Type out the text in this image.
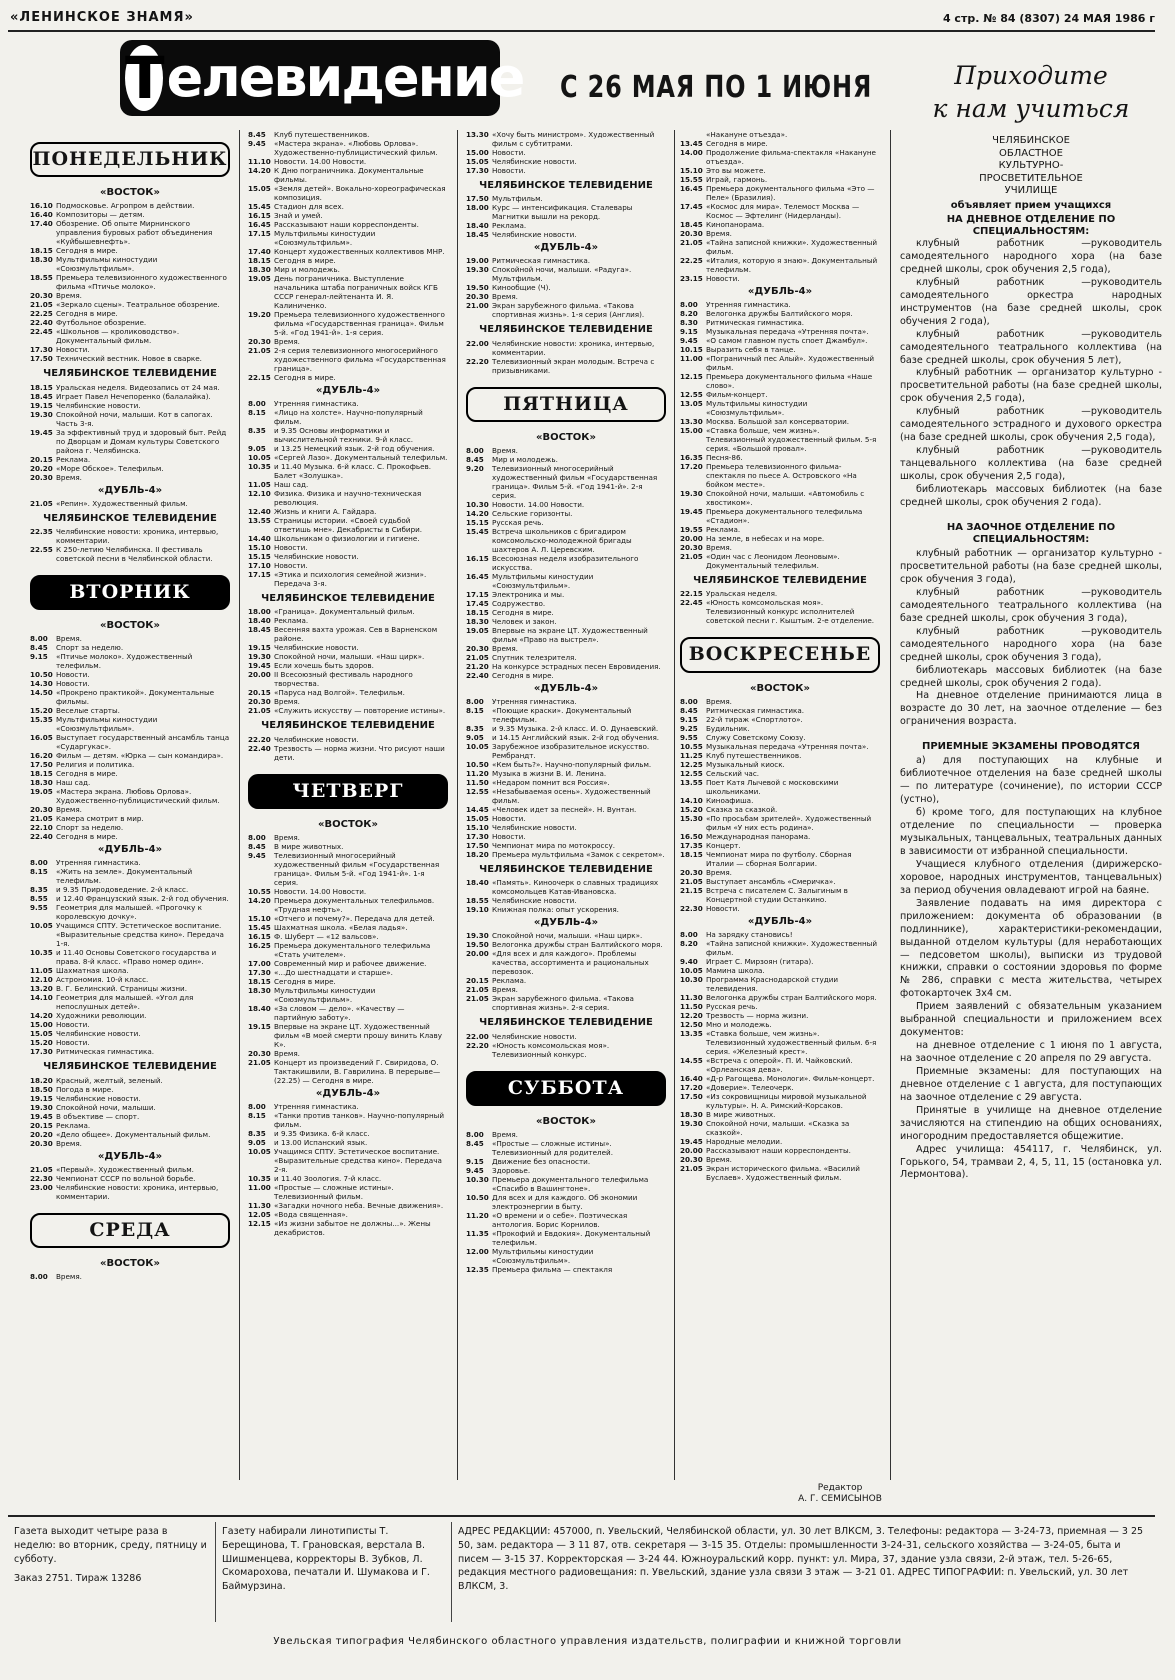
«ЛЕНИНСКОЕ ЗНАМЯ»	4 стр. № 84 (8307) 24 МАЯ 1986 г
Т елевидение С 26 МАЯ ПО 1 ИЮНЯ
ПОНЕДЕЛЬНИК
«ВОСТОК»
16.10 Подмосковье. Агропром в действии.
16.40 Композиторы — детям.
17.40 Обозрение. Об опыте Мирнинского управления буровых работ объединения «Куйбышевнефть».
18.15 Сегодня в мире.
18.30 Мультфильмы киностудии «Союзмультфильм».
18.55 Премьера телевизионного художественного фильма «Птичье молоко».
20.30 Время.
21.05 «Зеркало сцены». Театральное обозрение.
22.25 Сегодня в мире.
22.40 Футбольное обозрение.
22.45 «Школьнов — кролиководство». Документальный фильм.
17.30 Новости.
17.50 Технический вестник. Новое в сварке.
ЧЕЛЯБИНСКОЕ ТЕЛЕВИДЕНИЕ
18.15 Уральская неделя. Видеозапись от 24 мая.
18.45 Играет Павел Нечепоренко (балалайка).
19.15 Челябинские новости.
19.30 Спокойной ночи, малыши. Кот в сапогах. Часть 3-я.
19.45 За эффективный труд и здоровый быт. Рейд по Дворцам и Домам культуры Советского района г. Челябинска.
20.15 Реклама.
20.20 «Море Обское». Телефильм.
20.30 Время.
«ДУБЛЬ-4»
21.05 «Репин». Художественный фильм.
ЧЕЛЯБИНСКОЕ ТЕЛЕВИДЕНИЕ
22.35 Челябинские новости: хроника, интервью, комментарии.
22.55 К 250-летию Челябинска. II фестиваль советской песни в Челябинской области.
ВТОРНИК
«ВОСТОК»
8.00	Время.
8.45	Спорт за неделю.
9.15	«Птичье молоко». Художественный телефильм.
10.50 Новости.
14.30 Новости.
14.50 «Прокрено практикой». Документальные фильмы.
15.20 Веселые старты.
15.35 Мультфильмы киностудии «Союзмультфильм».
16.05 Выступает государственный ансамбль танца «Сударгукас».
16.20 Фильм — детям. «Юрка — сын командира».
17.50 Религия и политика.
18.15 Сегодня в мире.
18.30 Наш сад.
19.05 «Мастера экрана. Любовь Орлова». Художественно-публицистический фильм.
20.30 Время.
21.05 Камера смотрит в мир.
22.10 Спорт за неделю.
22.40 Сегодня в мире.
«ДУБЛЬ-4»
8.00	Утренняя гимнастика.
8.15	«Жить на земле». Документальный телефильм.
8.35	и 9.35 Природоведение. 2-й класс.
8.55	и 12.40 Французский язык. 2-й год обучения.
9.55	Геометрия для малышей. «Прогочку к королевскую дочку».
10.05 Учащимся СПТУ. Эстетическое воспитание. «Выразительные средства кино». Передача 1-я.
10.35 и 11.40 Основы Советского государства и права. 8-й класс. «Право номер один».
11.05 Шахматная школа.
12.10 Астрономия. 10-й класс.
13.20 В. Г. Белинский. Страницы жизни.
14.10 Геометрия для малышей. «Угол для непослушных детей».
14.20 Художники революции.
15.00 Новости.
15.05 Челябинские новости.
15.20 Новости.
17.30 Ритмическая гимнастика.
ЧЕЛЯБИНСКОЕ ТЕЛЕВИДЕНИЕ
18.20 Красный, желтый, зеленый.
18.50 Погода в мире.
19.15 Челябинские новости.
19.30 Спокойной ночи, малыши.
19.45 В объективе — спорт.
20.15 Реклама.
20.20 «Дело общее». Документальный фильм.
20.30 Время.
«ДУБЛЬ-4»
21.05 «Первый». Художественный фильм.
22.30 Чемпионат СССР по вольной борьбе.
23.00 Челябинские новости: хроника, интервью, комментарии.
СРЕДА
«ВОСТОК»
8.00	Время.
8.45	Клуб путешественников.
9.45	«Мастера экрана». «Любовь Орлова». Художественно-публицистический фильм.
11.10 Новости. 14.00 Новости.
14.20 К Дню пограничника. Документальные фильмы.
15.05 «Земля детей». Вокально-хореографическая композиция.
15.45 Стадион для всех.
16.15 Знай и умей.
16.45 Рассказывают наши корреспонденты.
17.15 Мультфильмы киностудии «Союзмультфильм».
17.40 Концерт художественных коллективов МНР.
18.15 Сегодня в мире.
18.30 Мир и молодежь.
19.05 День пограничника. Выступление начальника штаба пограничных войск КГБ СССР генерал-лейтенанта И. Я. Калиниченко.
19.20 Премьера телевизионного художественного фильма «Государственная граница». Фильм 5-й. «Год 1941-й». 1-я серия.
20.30 Время.
21.05 2-я серия телевизионного многосерийного художественного фильма «Государственная граница».
22.15 Сегодня в мире.
«ДУБЛЬ-4»
8.00	Утренняя гимнастика.
8.15	«Лицо на холсте». Научно-популярный фильм.
8.35	и 9.35 Основы информатики и вычислительной техники. 9-й класс.
9.05	и 13.25 Немецкий язык. 2-й год обучения.
10.05 «Сергей Лазо». Документальный телефильм.
10.35 и 11.40 Музыка. 6-й класс. С. Прокофьев. Балет «Золушка».
11.05 Наш сад.
12.10 Физика. Физика и научно-техническая революция.
12.40 Жизнь и книги А. Гайдара.
13.55 Страницы истории. «Своей судьбой ответишь мне». Декабристы в Сибири.
14.40 Школьникам о физиологии и гигиене.
15.10 Новости.
15.15 Челябинские новости.
17.10 Новости.
17.15 «Этика и психология семейной жизни». Передача 3-я.
ЧЕЛЯБИНСКОЕ ТЕЛЕВИДЕНИЕ
18.00 «Граница». Документальный фильм.
18.40 Реклама.
18.45 Весенняя вахта урожая. Сев в Варненском районе.
19.15 Челябинские новости.
19.30 Спокойной ночи, малыши. «Наш цирк».
19.45 Если хочешь быть здоров.
20.00 II Всесоюзный фестиваль народного творчества.
20.15 «Паруса над Волгой». Телефильм.
20.30 Время.
21.05 «Служить искусству — повторение истины».
ЧЕЛЯБИНСКОЕ ТЕЛЕВИДЕНИЕ
22.20 Челябинские новости.
22.40 Трезвость — норма жизни. Что рисуют наши дети.
ЧЕТВЕРГ
«ВОСТОК»
8.00	Время.
8.45	В мире животных.
9.45	Телевизионный многосерийный художественный фильм «Государственная граница». Фильм 5-й. «Год 1941-й». 1-я серия.
10.55 Новости. 14.00 Новости.
14.20 Премьера документальных телефильмов. «Трудная нефть».
15.10 «Отчего и почему?». Передача для детей.
15.45 Шахматная школа. «Белая ладья».
16.15 Ф. Шуберт — «12 вальсов».
16.25 Премьера документального телефильма «Стать учителем».
17.00 Современный мир и рабочее движение.
17.30 «...До шестнадцати и старше».
18.15 Сегодня в мире.
18.30 Мультфильмы киностудии «Союзмультфильм».
18.40 «За словом — дело». «Качеству — партийную заботу».
19.15 Впервые на экране ЦТ. Художественный фильм «В моей смерти прошу винить Клаву К».
20.30 Время.
21.05 Концерт из произведений Г. Свиридова, О. Тактакишвили, В. Гаврилина. В перерыве—(22.25) — Сегодня в мире.
«ДУБЛЬ-4»
8.00	Утренняя гимнастика.
8.15	«Танки против танков». Научно-популярный фильм.
8.35	и 9.35 Физика. 6-й класс.
9.05	и 13.00 Испанский язык.
10.05 Учащимся СПТУ. Эстетическое воспитание. «Выразительные средства кино». Передача 2-я.
10.35 и 11.40 Зоология. 7-й класс.
11.00 «Простые — сложные истины». Телевизионный фильм.
11.30 «Загадки ночного неба. Вечные движения».
12.05 «Вода священная».
12.15 «Из жизни забытое не должны...». Жены декабристов.
13.30 «Хочу быть министром». Художественный фильм с субтитрами.
15.00 Новости.
15.05 Челябинские новости.
17.30 Новости.
ЧЕЛЯБИНСКОЕ ТЕЛЕВИДЕНИЕ
17.50 Мультфильм.
18.00 Курс — интенсификация. Сталевары Магнитки вышли на рекорд.
18.40 Реклама.
18.45 Челябинские новости.
«ДУБЛЬ-4»
19.00 Ритмическая гимнастика.
19.30 Спокойной ночи, малыши. «Радуга». Мультфильм.
19.50 Кинообщие (Ч).
20.30 Время.
21.00 Экран зарубежного фильма. «Такова спортивная жизнь». 1-я серия (Англия).
ЧЕЛЯБИНСКОЕ ТЕЛЕВИДЕНИЕ
22.00 Челябинские новости: хроника, интервью, комментарии.
22.20 Телевизионный экран молодым. Встреча с призывниками.
ПЯТНИЦА
«ВОСТОК»
8.00	Время.
8.45	Мир и молодежь.
9.20	Телевизионный многосерийный художественный фильм «Государственная граница». Фильм 5-й. «Год 1941-й». 2-я серия.
10.30 Новости. 14.00 Новости.
14.20 Сельские горизонты.
15.15 Русская речь.
15.45 Встреча школьников с бригадиром комсомольско-молодежной бригады шахтеров А. Л. Церевским.
16.15 Всесоюзная неделя изобразительного искусства.
16.45 Мультфильмы киностудии «Союзмультфильм».
17.15 Электроника и мы.
17.45 Содружество.
18.15 Сегодня в мире.
18.30 Человек и закон.
19.05 Впервые на экране ЦТ. Художественный фильм «Право на выстрел».
20.30 Время.
21.05 Спутник телезрителя.
21.20 На конкурсе эстрадных песен Евровидения.
22.40 Сегодня в мире.
«ДУБЛЬ-4»
8.00	Утренняя гимнастика.
8.15	«Поющие краски». Документальный телефильм.
8.35	и 9.35 Музыка. 2-й класс. И. О. Дунаевский.
9.05	и 14.15 Английский язык. 2-й год обучения.
10.05 Зарубежное изобразительное искусство. Рембрандт.
10.50 «Кем быть?». Научно-популярный фильм.
11.20 Музыка в жизни В. И. Ленина.
11.50 «Недаром помнит вся Россия».
12.55 «Незабываемая осень». Художественный фильм.
14.45 «Человек идет за песней». Н. Вунтан.
15.05 Новости.
15.10 Челябинские новости.
17.30 Новости.
17.50 Чемпионат мира по мотокроссу.
18.20 Премьера мультфильма «Замок с секретом».
ЧЕЛЯБИНСКОЕ ТЕЛЕВИДЕНИЕ
18.40 «Память». Киноочерк о славных традициях комсомольцев Катав-Ивановска.
18.55 Челябинские новости.
19.10 Книжная полка: опыт ускорения.
«ДУБЛЬ-4»
19.30 Спокойной ночи, малыши. «Наш цирк».
19.50 Велогонка дружбы стран Балтийского моря.
20.00 «Для всех и для каждого». Проблемы качества, ассортимента и рациональных перевозок.
20.15 Реклама.
21.05 Время.
21.05 Экран зарубежного фильма. «Такова спортивная жизнь». 2-я серия.
ЧЕЛЯБИНСКОЕ ТЕЛЕВИДЕНИЕ
22.00 Челябинские новости.
22.20 «Юность комсомольская моя». Телевизионный конкурс.
СУББОТА
«ВОСТОК»
8.00	Время.
8.45	«Простые — сложные истины». Телевизионный для родителей.
9.15	Движение без опасности.
9.45	Здоровье.
10.30 Премьера документального телефильма «Спасибо в Вашингтоне».
10.50 Для всех и для каждого. Об экономии электроэнергии в быту.
11.20 «О времени и о себе». Поэтическая антология. Борис Корнилов.
11.35 «Прокофий и Евдокия». Документальный телефильм.
12.00 Мультфильмы киностудии «Союзмультфильм».
12.35 Премьера фильма — спектакля
«Накануне отъезда».
13.45 Сегодня в мире.
14.00 Продолжение фильма-спектакля «Накануне отъезда».
15.10 Это вы можете.
15.55 Играй, гармонь.
16.45 Премьера документального фильма «Это — Пеле» (Бразилия).
17.45 «Космос для мира». Телемост Москва — Космос — Эфтелинг (Нидерланды).
18.45 Кинопанорама.
20.30 Время.
21.05 «Тайна записной книжки». Художественный фильм.
22.25 «Италия, которую я знаю». Документальный телефильм.
23.15 Новости.
«ДУБЛЬ-4»
8.00	Утренняя гимнастика.
8.20	Велогонка дружбы Балтийского моря.
8.30	Ритмическая гимнастика.
9.15	Музыкальная передача «Утренняя почта».
9.45	«О самом главном пусть споет Джамбул».
10.15 Выразить себя в танце.
11.00 «Пограничный пес Алый». Художественный фильм.
12.15 Премьера документального фильма «Наше слово».
12.55 Фильм-концерт.
13.05 Мультфильмы киностудии «Союзмультфильм».
13.30 Москва. Большой зал консерватории.
15.00 «Ставка больше, чем жизнь». Телевизионный художественный фильм. 5-я серия. «Большой провал».
16.35 Песня-86.
17.20 Премьера телевизионного фильма-спектакля по пьесе А. Островского «На бойком месте».
19.30 Спокойной ночи, малыши. «Автомобиль с хвостиком».
19.45 Премьера документального телефильма «Стадион».
19.55 Реклама.
20.00 На земле, в небесах и на море.
20.30 Время.
21.05 «Один час с Леонидом Леоновым». Документальный телефильм.
ЧЕЛЯБИНСКОЕ ТЕЛЕВИДЕНИЕ
22.15 Уральская неделя.
22.45 «Юность комсомольская моя». Телевизионный конкурс исполнителей советской песни г. Кыштым. 2-е отделение.
ВОСКРЕСЕНЬЕ
«ВОСТОК»
8.00	Время.
8.45	Ритмическая гимнастика.
9.15	22-й тираж «Спортлото».
9.25	Будильник.
9.55	Служу Советскому Союзу.
10.55 Музыкальная передача «Утренняя почта».
11.25 Клуб путешественников.
12.25 Музыкальный киоск.
12.55 Сельский час.
13.55 Поет Катя Лычевой с московскими школьниками.
14.10 Киноафиша.
15.20 Сказка за сказкой.
15.30 «По просьбам зрителей». Художественный фильм «У них есть родина».
16.50 Международная панорама.
17.35 Концерт.
18.15 Чемпионат мира по футболу. Сборная Италии — сборная Болгарии.
20.30 Время.
21.05 Выступает ансамбль «Смеричка».
21.15 Встреча с писателем С. Залыгиным в Концертной студии Останкино.
22.30 Новости.
«ДУБЛЬ-4»
8.00	На зарядку становись!
8.20	«Тайна записной книжки». Художественный фильм.
9.40	Играет С. Мирзоян (гитара).
10.05 Мамина школа.
10.30 Программа Краснодарской студии телевидения.
11.30 Велогонка дружбы стран Балтийского моря.
11.50 Русская речь.
12.20 Трезвость — норма жизни.
12.50 Мно и молодежь.
13.35 «Ставка больше, чем жизнь». Телевизионный художественный фильм. 6-я серия. «Железный крест».
14.55 «Встреча с оперой». П. И. Чайковский. «Орлеанская дева».
16.40 «Д-р Рагощева. Монологи». Фильм-концерт.
17.20 «Доверие». Телеочерк.
17.50 «Из сокровищницы мировой музыкальной культуры». Н. А. Римский-Корсаков.
18.30 В мире животных.
19.30 Спокойной ночи, малыши. «Сказка за сказкой».
19.45 Народные мелодии.
20.00 Рассказывают наши корреспонденты.
20.30 Время.
21.05 Экран исторического фильма. «Василий Буслаев». Художественный фильм.
Редактор
А. Г. СЕМИСЫНОВ
Приходите
к нам учиться
ЧЕЛЯБИНСКОЕ
ОБЛАСТНОЕ
КУЛЬТУРНО-
ПРОСВЕТИТЕЛЬНОЕ
УЧИЛИЩЕ
объявляет прием учащихся
НА ДНЕВНОЕ ОТДЕЛЕНИЕ ПО СПЕЦИАЛЬНОСТЯМ:

клубный работник —руководитель самодеятельного народного хора (на базе средней школы, срок обучения 2,5 года),

клубный работник —руководитель самодеятельного оркестра народных инструментов (на базе средней школы, срок обучения 2 года),

клубный работник —руководитель самодеятельного театрального коллектива (на базе средней школы, срок обучения 5 лет),

клубный работник — организатор культурно - просветительной работы (на базе средней школы, срок обучения 2,5 года),

клубный работник —руководитель самодеятельного эстрадного и духового оркестра (на базе средней школы, срок обучения 2,5 года),

клубный работник —руководитель танцевального коллектива (на базе средней школы, срок обучения 2,5 года),

библиотекарь массовых библиотек (на базе средней школы, срок обучения 2 года).

НА ЗАОЧНОЕ ОТДЕЛЕНИЕ ПО СПЕЦИАЛЬНОСТЯМ:

клубный работник — организатор культурно - просветительной работы (на базе средней школы, срок обучения 3 года),

клубный работник —руководитель самодеятельного театрального коллектива (на базе средней школы, срок обучения 3 года),

клубный работник —руководитель самодеятельного народного хора (на базе средней школы, срок обучения 3 года),

библиотекарь массовых библиотек (на базе средней школы, срок обучения 2 года).

На дневное отделение принимаются лица в возрасте до 30 лет, на заочное отделение — без ограничения возраста.

ПРИЕМНЫЕ ЭКЗАМЕНЫ ПРОВОДЯТСЯ

а) для поступающих на клубные и библиотечное отделения на базе средней школы — по литературе (сочинение), по истории СССР (устно),

б) кроме того, для поступающих на клубное отделение по специальности — проверка музыкальных, танцевальных, театральных данных в зависимости от избранной специальности.

Учащиеся клубного отделения (дирижерско-хоровое, народных инструментов, танцевальных) за период обучения овладевают игрой на баяне.

Заявление подавать на имя директора с приложением: документа об образовании (в подлиннике), характеристики-рекомендации, выданной отделом культуры (для неработающих — педсоветом школы), выписки из трудовой книжки, справки о состоянии здоровья по форме № 286, справки с места жительства, четырех фотокарточек 3х4 см.

Прием заявлений с обязательным указанием выбранной специальности и приложением всех документов:

на дневное отделение с 1 июня по 1 августа, на заочное отделение с 20 апреля по 29 августа.

Приемные экзамены: для поступающих на дневное отделение с 1 августа, для поступающих на заочное отделение с 29 августа.

Принятые в училище на дневное отделение зачисляются на стипендию на общих основаниях, иногородним предоставляется общежитие.

Адрес училища: 454117, г. Челябинск, ул. Горького, 54, трамваи 2, 4, 5, 11, 15 (остановка ул. Лермонтова).

Газета выходит четыре раза в неделю: во вторник, среду, пятницу и субботу.
Заказ 2751. Тираж 13286
Газету набирали линотиписты Т. Берещинова, Т. Грановская, верстала В. Шишменцева, корректоры В. Зубков, Л. Скомарохова, печатали И. Шумакова и Г. Баймурзина.
АДРЕС РЕДАКЦИИ: 457000, п. Увельский, Челябинской области, ул. 30 лет ВЛКСМ, 3. Телефоны: редактора — 3-24-73, приемная — 3 25 50, зам. редактора — 3 11 87, отв. секретаря — 3-15 35. Отделы: промышленности 3-24-31, сельского хозяйства — 3-24-05, быта и писем — 3-15 37. Корректорская — 3-24 44. Южноуральский корр. пункт: ул. Мира, 37, здание узла связи, 2-й этаж, тел. 5-26-65, редакция местного радиовещания: п. Увельский, здание узла связи 3 этаж — 3-21 01. АДРЕС ТИПОГРАФИИ: п. Увельский, ул. 30 лет ВЛКСМ, 3.
Увельская типография Челябинского областного управления издательств, полиграфии и книжной торговли
